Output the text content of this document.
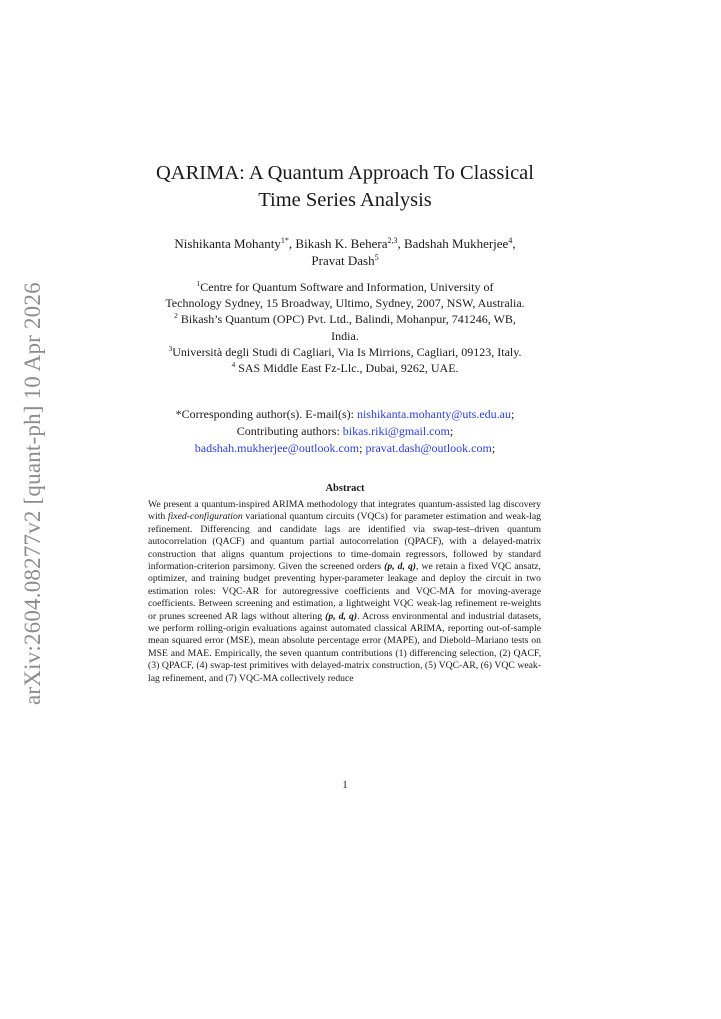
arXiv:2604.08277v2 [quant-ph] 10 Apr 2026
QARIMA: A Quantum Approach To Classical
Time Series Analysis
Nishikanta Mohanty$^{1*}$, Bikash K. Behera$^{2,3}$, Badshah Mukherjee$^4$,
Pravat Dash$^5$
$^1$Centre for Quantum Software and Information, University of
Technology Sydney, 15 Broadway, Ultimo, Sydney, 2007, NSW, Australia.
$^2$ Bikash’s Quantum (OPC) Pvt. Ltd., Balindi, Mohanpur, 741246, WB,
India.
$^3$Università degli Studi di Cagliari, Via Is Mirrions, Cagliari, 09123, Italy.
$^4$ SAS Middle East Fz-Llc., Dubai, 9262, UAE.
*Corresponding author(s). E-mail(s): nishikanta.mohanty@uts.edu.au;
Contributing authors: bikas.riki@gmail.com;
badshah.mukherjee@outlook.com; pravat.dash@outlook.com;
Abstract
We present a quantum-inspired ARIMA methodology that integrates quantum-assisted lag discovery with fixed-configuration variational quantum circuits (VQCs) for parameter estimation and weak-lag refinement. Differencing and candidate lags are identified via swap-test–driven quantum autocorrelation (QACF) and quantum partial autocorrelation (QPACF), with a delayed-matrix construction that aligns quantum projections to time-domain regressors, followed by standard information-criterion parsimony. Given the screened orders (p, d, q), we retain a fixed VQC ansatz, optimizer, and training budget preventing hyper-parameter leakage and deploy the circuit in two estimation roles: VQC-AR for autoregressive coefficients and VQC-MA for moving-average coefficients. Between screening and estimation, a lightweight VQC weak-lag refinement re-weights or prunes screened AR lags without altering (p, d, q). Across environmental and industrial datasets, we perform rolling-origin evaluations against automated classical ARIMA, reporting out-of-sample mean squared error (MSE), mean absolute percentage error (MAPE), and Diebold–Mariano tests on MSE and MAE. Empirically, the seven quantum contributions (1) differencing selection, (2) QACF, (3) QPACF, (4) swap-test primitives with delayed-matrix construction, (5) VQC-AR, (6) VQC weak-lag refinement, and (7) VQC-MA collectively reduce
1
